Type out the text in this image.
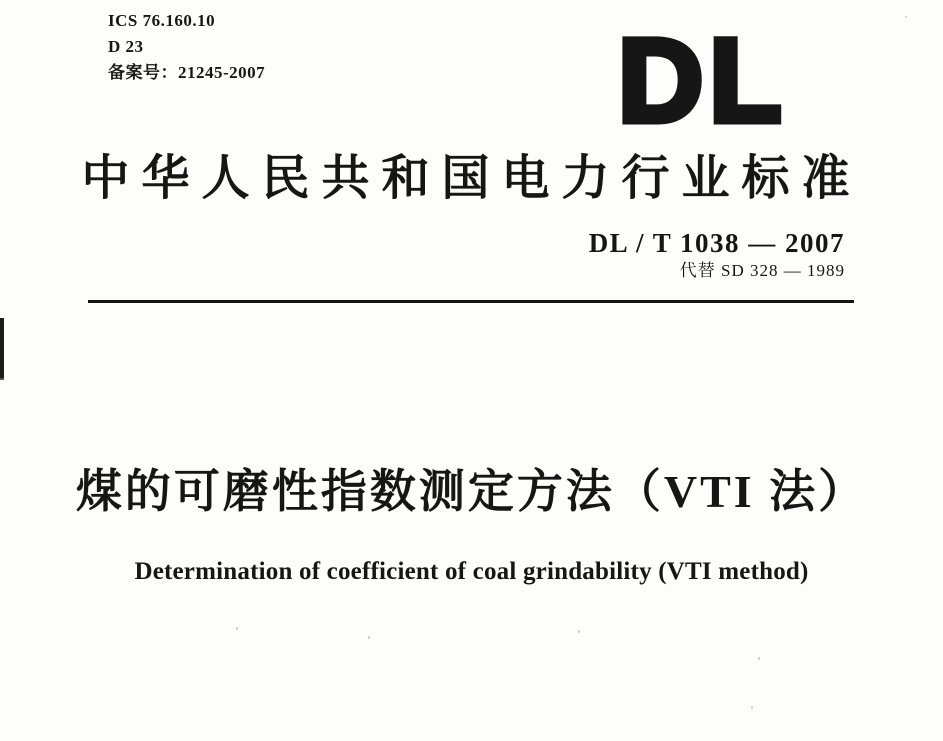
ICS 76.160.10
D 23
备案号：21245-2007	DL
中华人民共和国电力行业标准
DL / T 1038 — 2007
代替 SD 328 — 1989
煤的可磨性指数测定方法（VTI 法）
Determination of coefficient of coal grindability (VTI method)
